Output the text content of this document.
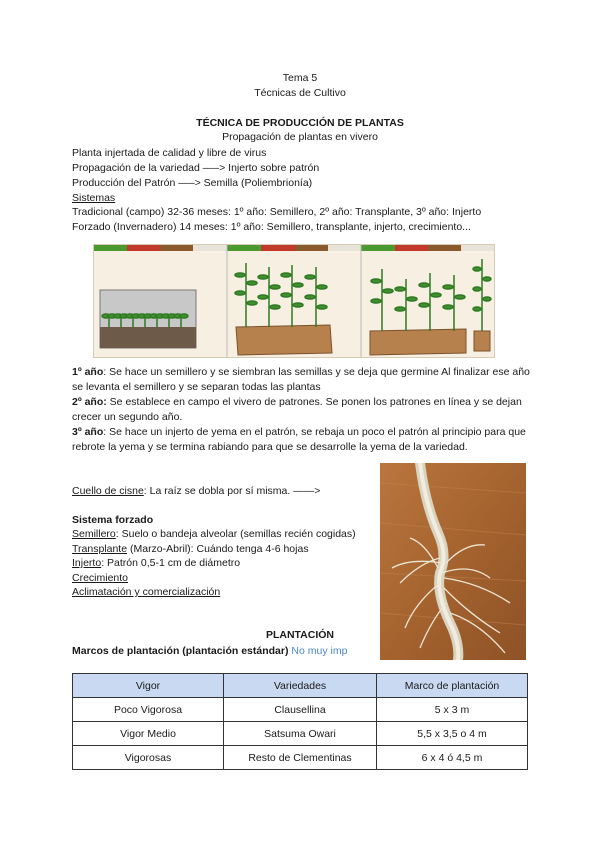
Tema 5
Técnicas de Cultivo
TÉCNICA DE PRODUCCIÓN DE PLANTAS
Propagación de plantas en vivero
Planta injertada de calidad y libre de virus
Propagación de la variedad —–> Injerto sobre patrón
Producción del Patrón —–> Semilla (Poliembrionía)
Sistemas
Tradicional (campo) 32-36 meses: 1º año: Semillero, 2º año: Transplante, 3º año: Injerto
Forzado (Invernadero) 14 meses: 1º año: Semillero, transplante, injerto, crecimiento...

1º año: Se hace un semillero y se siembran las semillas y se deja que germine Al finalizar ese año se levanta el semillero y se separan todas las plantas

2º año: Se establece en campo el vivero de patrones. Se ponen los patrones en línea y se dejan crecer un segundo año.

3º año: Se hace un injerto de yema en el patrón, se rebaja un poco el patrón al principio para que rebrote la yema y se termina rabiando para que se desarrolle la yema de la variedad.

Cuello de cisne: La raíz se dobla por sí misma. ——>
Sistema forzado
Semillero: Suelo o bandeja alveolar (semillas recién cogidas)
Transplante (Marzo-Abril): Cuándo tenga 4-6 hojas
Injerto: Patrón 0,5-1 cm de diámetro
Crecimiento
Aclimatación y comercialización
PLANTACIÓN
Marcos de plantación (plantación estándar) No muy imp
Vigor	Variedades	Marco de plantación
Poco Vigorosa	Clausellina	5 x 3 m
Vigor Medio	Satsuma Owari	5,5 x 3,5 o 4 m
Vigorosas	Resto de Clementinas	6 x 4 ó 4,5 m
